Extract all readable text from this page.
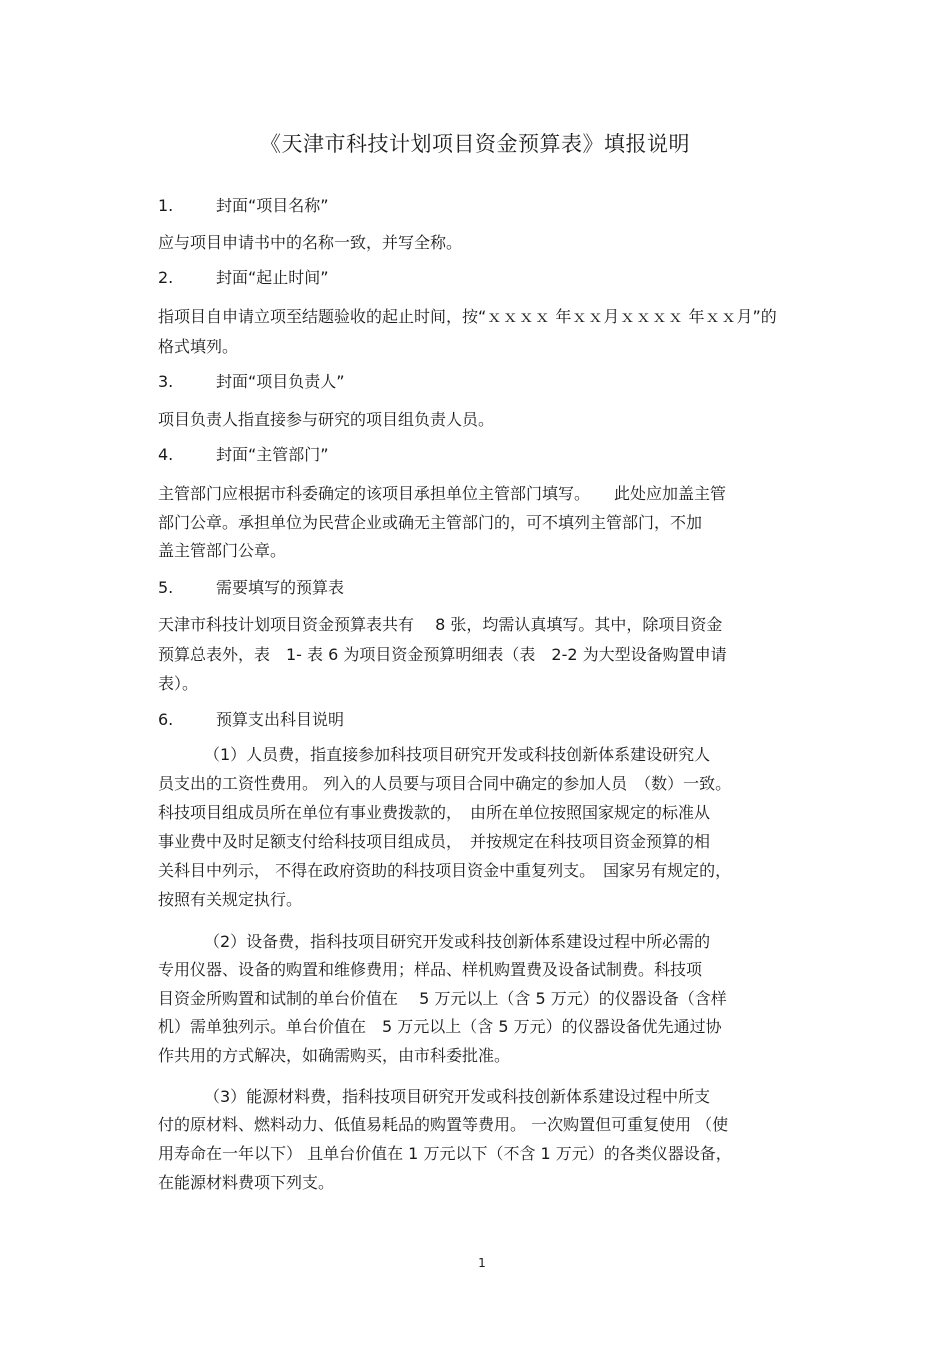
《天津市科技计划项目资金预算表》填报说明
1.	封面“项目名称”
2.	封面“起止时间”
3.	封面“项目负责人”
4.	封面“主管部门”
5.	需要填写的预算表
6.	预算支出科目说明
应与项目申请书中的名称一致，并写全称。
指项目自申请立项至结题验收的起止时间，按“ｘｘｘｘ 年ｘｘ月ｘｘｘｘ 年ｘｘ月”的
格式填列。
项目负责人指直接参与研究的项目组负责人员。
主管部门应根据市科委确定的该项目承担单位主管部门填写。　　此处应加盖主管
部门公章。承担单位为民营企业或确无主管部门的，可不填列主管部门，不加
盖主管部门公章。
天津市科技计划项目资金预算表共有　 8 张，均需认真填写。其中，除项目资金
预算总表外，表　1- 表 6 为项目资金预算明细表（表　2-2 为大型设备购置申请
表）。
（1）人员费，指直接参加科技项目研究开发或科技创新体系建设研究人
员支出的工资性费用。 列入的人员要与项目合同中确定的参加人员　（数）一致。
科技项目组成员所在单位有事业费拨款的，　由所在单位按照国家规定的标准从
事业费中及时足额支付给科技项目组成员，　并按规定在科技项目资金预算的相
关科目中列示， 不得在政府资助的科技项目资金中重复列支。　国家另有规定的，
按照有关规定执行。
（2）设备费，指科技项目研究开发或科技创新体系建设过程中所必需的
专用仪器、设备的购置和维修费用；样品、样机购置费及设备试制费。科技项
目资金所购置和试制的单台价值在　 5 万元以上（含 5 万元）的仪器设备（含样
机）需单独列示。单台价值在　5 万元以上（含 5 万元）的仪器设备优先通过协
作共用的方式解决，如确需购买，由市科委批准。
（3）能源材料费，指科技项目研究开发或科技创新体系建设过程中所支
付的原材料、燃料动力、低值易耗品的购置等费用。 一次购置但可重复使用 （使
用寿命在一年以下） 且单台价值在 1 万元以下（不含 1 万元）的各类仪器设备，
在能源材料费项下列支。
1
